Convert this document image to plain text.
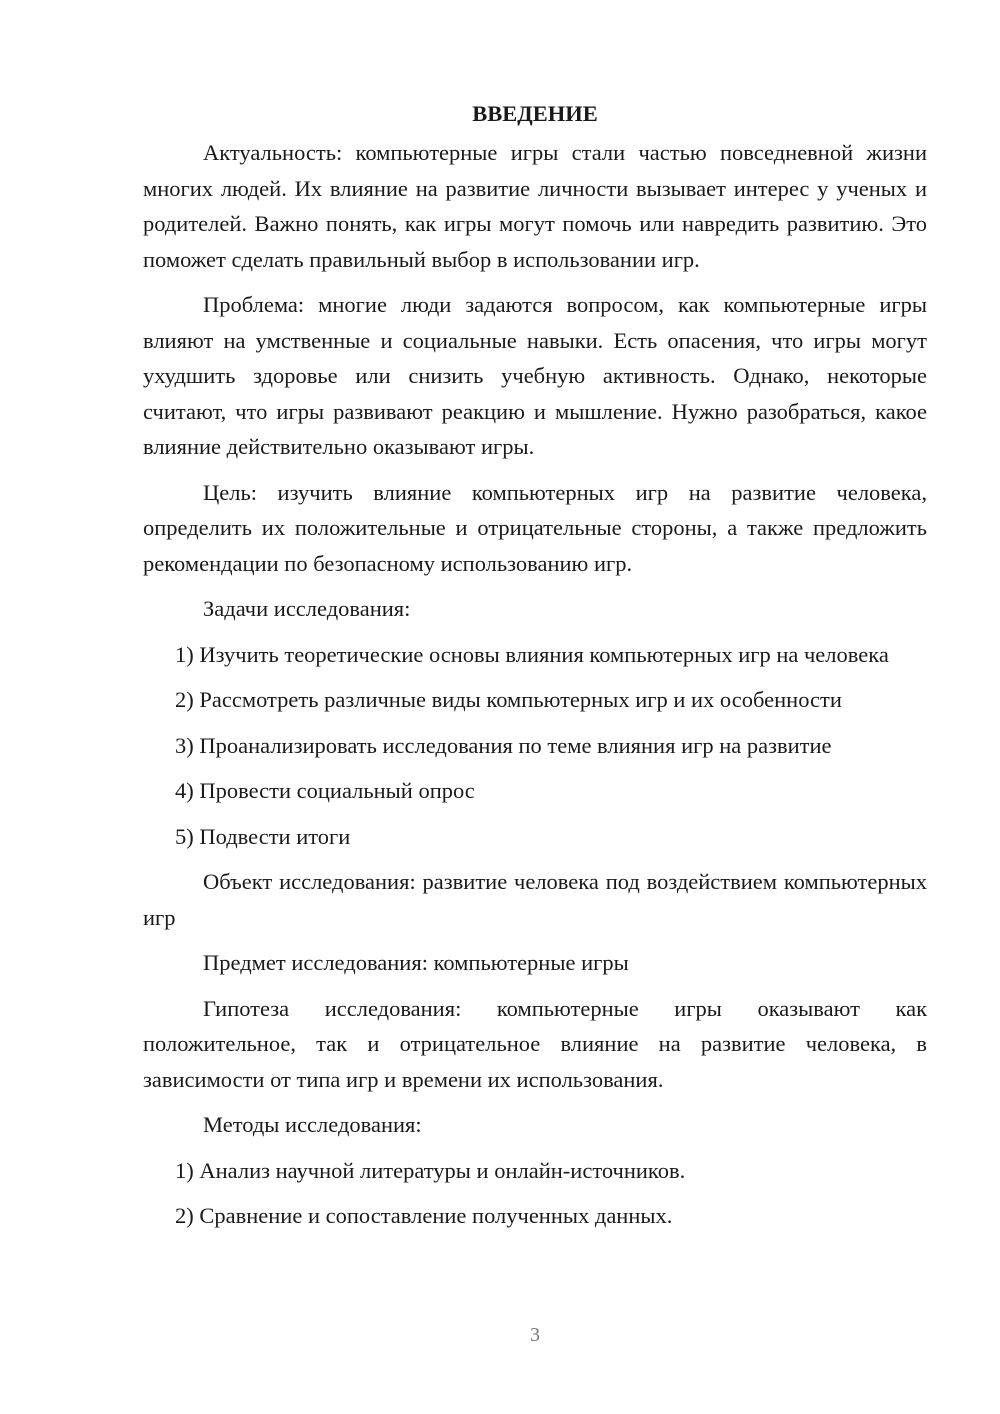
ВВЕДЕНИЕ

Актуальность: компьютерные игры стали частью повседневной жизни многих людей. Их влияние на развитие личности вызывает интерес у ученых и родителей. Важно понять, как игры могут помочь или навредить развитию. Это поможет сделать правильный выбор в использовании игр.

Проблема: многие люди задаются вопросом, как компьютерные игры влияют на умственные и социальные навыки. Есть опасения, что игры могут ухудшить здоровье или снизить учебную активность. Однако, некоторые считают, что игры развивают реакцию и мышление. Нужно разобраться, какое влияние действительно оказывают игры.

Цель: изучить влияние компьютерных игр на развитие человека, определить их положительные и отрицательные стороны, а также предложить рекомендации по безопасному использованию игр.

Задачи исследования:

1) Изучить теоретические основы влияния компьютерных игр на человека

2) Рассмотреть различные виды компьютерных игр и их особенности

3) Проанализировать исследования по теме влияния игр на развитие

4) Провести социальный опрос

5) Подвести итоги

Объект исследования: развитие человека под воздействием компьютерных игр

Предмет исследования: компьютерные игры

Гипотеза исследования: компьютерные игры оказывают как положительное, так и отрицательное влияние на развитие человека, в зависимости от типа игр и времени их использования.

Методы исследования:

1) Анализ научной литературы и онлайн-источников.

2) Сравнение и сопоставление полученных данных.

3
